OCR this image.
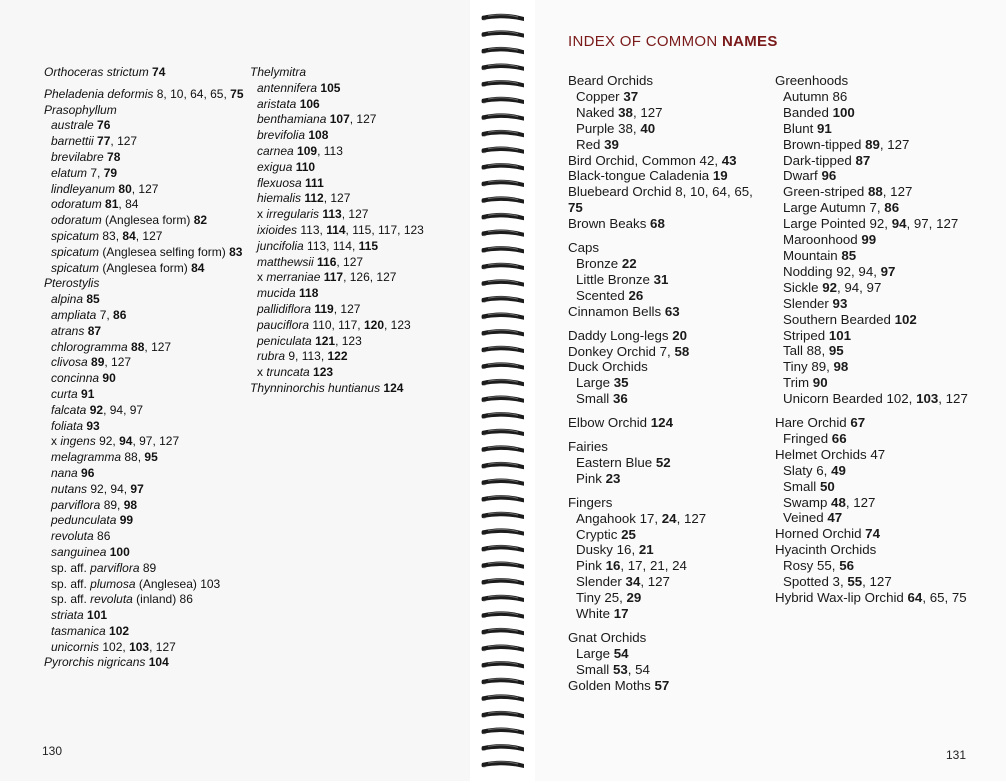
Orthoceras strictum 74
Pheladenia deformis 8, 10, 64, 65, 75
Prasophyllum
australe 76
barnettii 77, 127
brevilabre 78
elatum 7, 79
lindleyanum 80, 127
odoratum 81, 84
odoratum (Anglesea form) 82
spicatum 83, 84, 127
spicatum (Anglesea selfing form) 83
spicatum (Anglesea form) 84
Pterostylis
alpina 85
ampliata 7, 86
atrans 87
chlorogramma 88, 127
clivosa 89, 127
concinna 90
curta 91
falcata 92, 94, 97
foliata 93
x ingens 92, 94, 97, 127
melagramma 88, 95
nana 96
nutans 92, 94, 97
parviflora 89, 98
pedunculata 99
revoluta 86
sanguinea 100
sp. aff. parviflora 89
sp. aff. plumosa (Anglesea) 103
sp. aff. revoluta (inland) 86
striata 101
tasmanica 102
unicornis 102, 103, 127
Pyrorchis nigricans 104
Thelymitra
antennifera 105
aristata 106
benthamiana 107, 127
brevifolia 108
carnea 109, 113
exigua 110
flexuosa 111
hiemalis 112, 127
x irregularis 113, 127
ixioides 113, 114, 115, 117, 123
juncifolia 113, 114, 115
matthewsii 116, 127
x merraniae 117, 126, 127
mucida 118
pallidiflora 119, 127
pauciflora 110, 117, 120, 123
peniculata 121, 123
rubra 9, 113, 122
x truncata 123
Thynninorchis huntianus 124
INDEX OF COMMON NAMES
Beard Orchids
Copper 37
Naked 38, 127
Purple 38, 40
Red 39
Bird Orchid, Common 42, 43
Black-tongue Caladenia 19
Bluebeard Orchid 8, 10, 64, 65, 75
Brown Beaks 68
Caps
Bronze 22
Little Bronze 31
Scented 26
Cinnamon Bells 63
Daddy Long-legs 20
Donkey Orchid 7, 58
Duck Orchids
Large 35
Small 36
Elbow Orchid 124
Fairies
Eastern Blue 52
Pink 23
Fingers
Angahook 17, 24, 127
Cryptic 25
Dusky 16, 21
Pink 16, 17, 21, 24
Slender 34, 127
Tiny 25, 29
White 17
Gnat Orchids
Large 54
Small 53, 54
Golden Moths 57
Greenhoods
Autumn 86
Banded 100
Blunt 91
Brown-tipped 89, 127
Dark-tipped 87
Dwarf 96
Green-striped 88, 127
Large Autumn 7, 86
Large Pointed 92, 94, 97, 127
Maroonhood 99
Mountain 85
Nodding 92, 94, 97
Sickle 92, 94, 97
Slender 93
Southern Bearded 102
Striped 101
Tall 88, 95
Tiny 89, 98
Trim 90
Unicorn Bearded 102, 103, 127
Hare Orchid 67
Fringed 66
Helmet Orchids 47
Slaty 6, 49
Small 50
Swamp 48, 127
Veined 47
Horned Orchid 74
Hyacinth Orchids
Rosy 55, 56
Spotted 3, 55, 127
Hybrid Wax-lip Orchid 64, 65, 75
130	131
